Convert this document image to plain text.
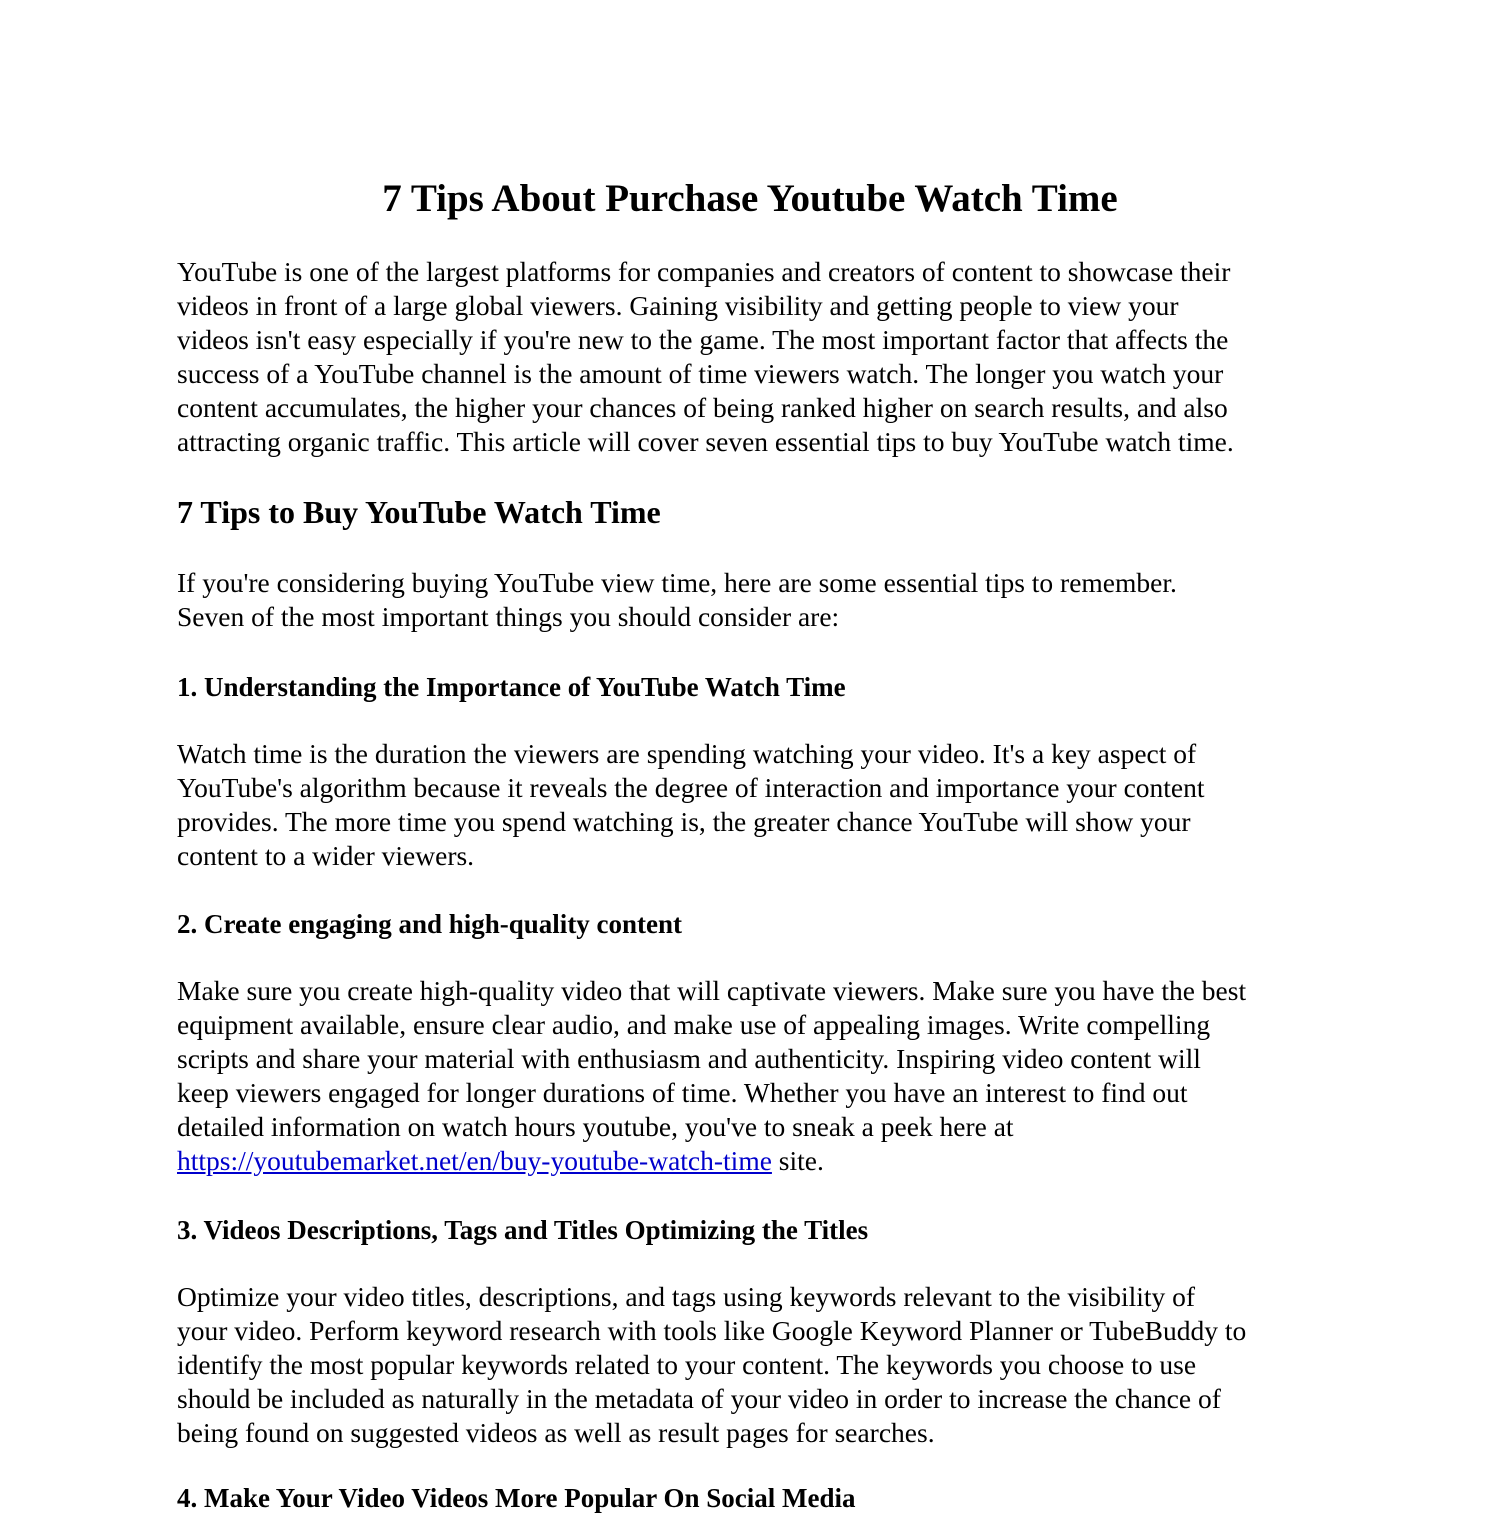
7 Tips About Purchase Youtube Watch Time
YouTube is one of the largest platforms for companies and creators of content to showcase their
videos in front of a large global viewers. Gaining visibility and getting people to view your
videos isn't easy especially if you're new to the game. The most important factor that affects the
success of a YouTube channel is the amount of time viewers watch. The longer you watch your
content accumulates, the higher your chances of being ranked higher on search results, and also
attracting organic traffic. This article will cover seven essential tips to buy YouTube watch time.
7 Tips to Buy YouTube Watch Time
If you're considering buying YouTube view time, here are some essential tips to remember.
Seven of the most important things you should consider are:
1. Understanding the Importance of YouTube Watch Time
Watch time is the duration the viewers are spending watching your video. It's a key aspect of
YouTube's algorithm because it reveals the degree of interaction and importance your content
provides. The more time you spend watching is, the greater chance YouTube will show your
content to a wider viewers.
2. Create engaging and high-quality content
Make sure you create high-quality video that will captivate viewers. Make sure you have the best
equipment available, ensure clear audio, and make use of appealing images. Write compelling
scripts and share your material with enthusiasm and authenticity. Inspiring video content will
keep viewers engaged for longer durations of time. Whether you have an interest to find out
detailed information on watch hours youtube, you've to sneak a peek here at
https://youtubemarket.net/en/buy-youtube-watch-time site.
3. Videos Descriptions, Tags and Titles Optimizing the Titles
Optimize your video titles, descriptions, and tags using keywords relevant to the visibility of
your video. Perform keyword research with tools like Google Keyword Planner or TubeBuddy to
identify the most popular keywords related to your content. The keywords you choose to use
should be included as naturally in the metadata of your video in order to increase the chance of
being found on suggested videos as well as result pages for searches.
4. Make Your Video Videos More Popular On Social Media
